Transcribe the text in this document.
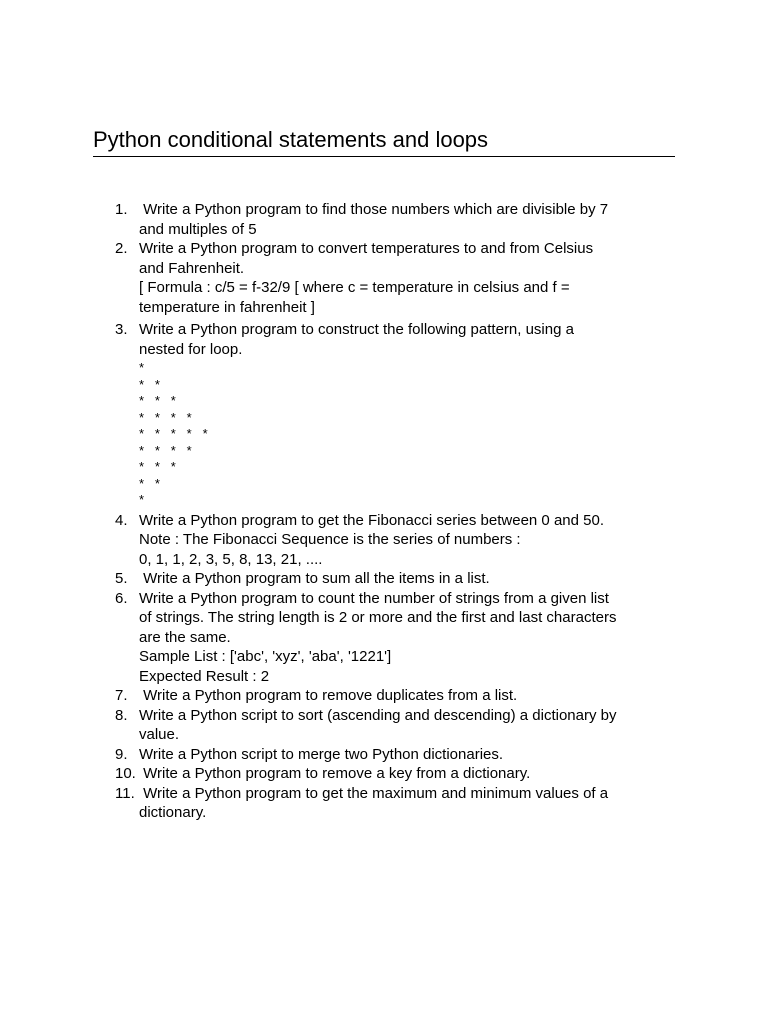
Python conditional statements and loops
1. Write a Python program to find those numbers which are divisible by 7
and multiples of 5
2. Write a Python program to convert temperatures to and from Celsius
and Fahrenheit.
[ Formula : c/5 = f-32/9 [ where c = temperature in celsius and f =
temperature in fahrenheit ]
3. Write a Python program to construct the following pattern, using a
nested for loop.
*
*   *
*   *   *
*   *   *   *
*   *   *   *   *
*   *   *   *
*   *   *
*   *
*
4. Write a Python program to get the Fibonacci series between 0 and 50.
Note : The Fibonacci Sequence is the series of numbers :
0, 1, 1, 2, 3, 5, 8, 13, 21, ....
5. Write a Python program to sum all the items in a list.
6. Write a Python program to count the number of strings from a given list
of strings. The string length is 2 or more and the first and last characters
are the same.
Sample List : ['abc', 'xyz', 'aba', '1221']
Expected Result : 2
7. Write a Python program to remove duplicates from a list.
8. Write a Python script to sort (ascending and descending) a dictionary by
value.
9. Write a Python script to merge two Python dictionaries.
10. Write a Python program to remove a key from a dictionary.
11. Write a Python program to get the maximum and minimum values of a
dictionary.
